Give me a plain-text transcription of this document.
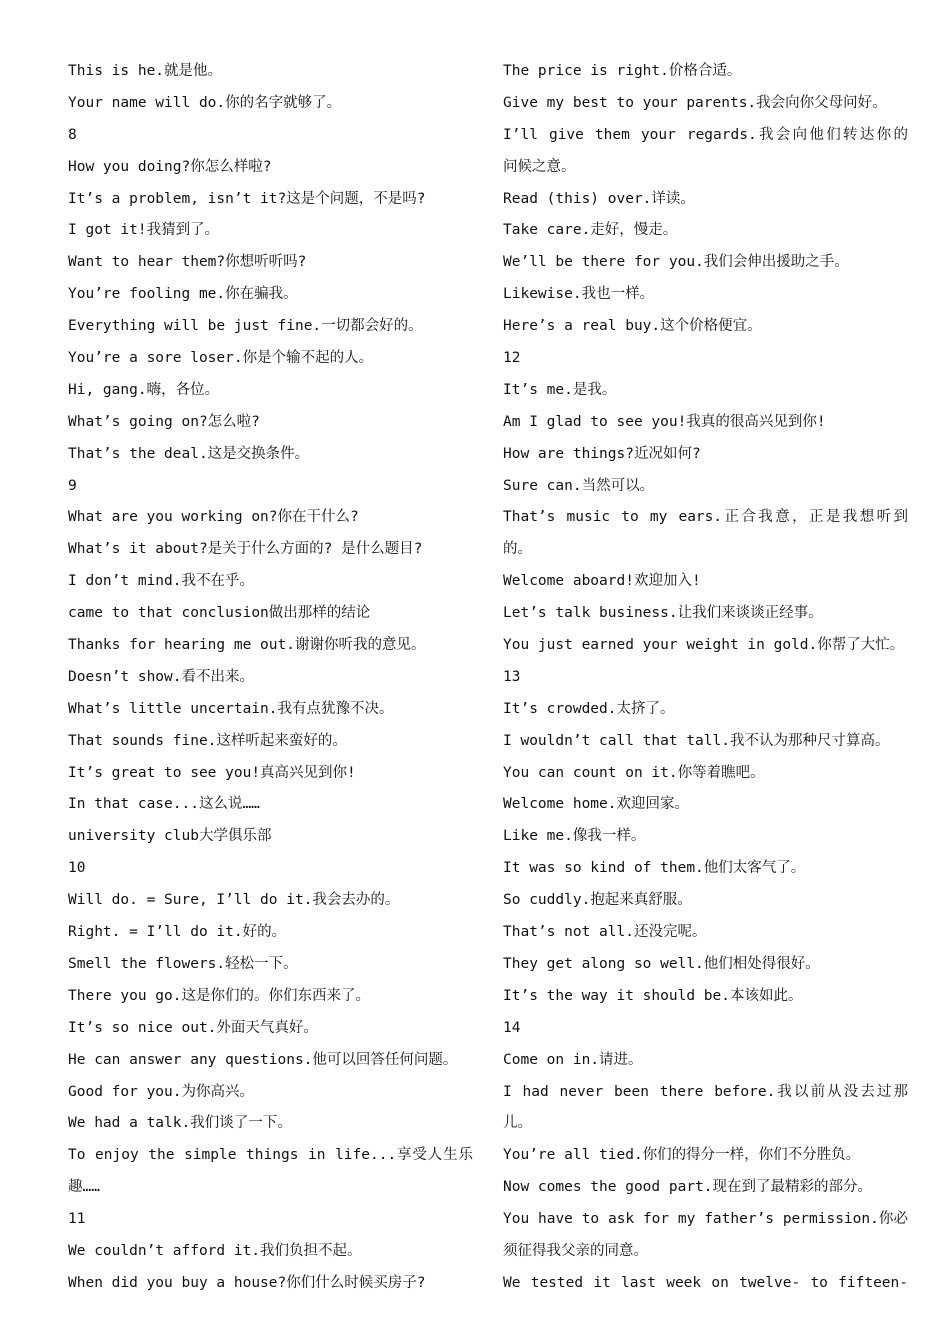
This is he.就是他。
Your name will do.你的名字就够了。
8
How you doing?你怎么样啦?
It’s a problem, isn’t it?这是个问题，不是吗?
I got it!我猜到了。
Want to hear them?你想听听吗?
You’re fooling me.你在骗我。
Everything will be just fine.一切都会好的。
You’re a sore loser.你是个输不起的人。
Hi, gang.嗨，各位。
What’s going on?怎么啦?
That’s the deal.这是交换条件。
9
What are you working on?你在干什么?
What’s it about?是关于什么方面的? 是什么题目?
I don’t mind.我不在乎。
came to that conclusion做出那样的结论
Thanks for hearing me out.谢谢你听我的意见。
Doesn’t show.看不出来。
What’s little uncertain.我有点犹豫不决。
That sounds fine.这样听起来蛮好的。
It’s great to see you!真高兴见到你!
In that case...这么说……
university club大学俱乐部
10
Will do. = Sure, I’ll do it.我会去办的。
Right. = I’ll do it.好的。
Smell the flowers.轻松一下。
There you go.这是你们的。你们东西来了。
It’s so nice out.外面天气真好。
He can answer any questions.他可以回答任何问题。
Good for you.为你高兴。
We had a talk.我们谈了一下。
To enjoy the simple things in life...享受人生乐
趣……
11
We couldn’t afford it.我们负担不起。
When did you buy a house?你们什么时候买房子?
The price is right.价格合适。
Give my best to your parents.我会向你父母问好。
I’ll give them your regards.我会向他们转达你的
问候之意。
Read (this) over.详读。
Take care.走好，慢走。
We’ll be there for you.我们会伸出援助之手。
Likewise.我也一样。
Here’s a real buy.这个价格便宜。
12
It’s me.是我。
Am I glad to see you!我真的很高兴见到你!
How are things?近况如何?
Sure can.当然可以。
That’s music to my ears.正合我意，正是我想听到
的。
Welcome aboard!欢迎加入!
Let’s talk business.让我们来谈谈正经事。
You just earned your weight in gold.你帮了大忙。
13
It’s crowded.太挤了。
I wouldn’t call that tall.我不认为那种尺寸算高。
You can count on it.你等着瞧吧。
Welcome home.欢迎回家。
Like me.像我一样。
It was so kind of them.他们太客气了。
So cuddly.抱起来真舒服。
That’s not all.还没完呢。
They get along so well.他们相处得很好。
It’s the way it should be.本该如此。
14
Come on in.请进。
I had never been there before.我以前从没去过那
儿。
You’re all tied.你们的得分一样，你们不分胜负。
Now comes the good part.现在到了最精彩的部分。
You have to ask for my father’s permission.你必
须征得我父亲的同意。
We tested it last week on twelve- to fifteen-
